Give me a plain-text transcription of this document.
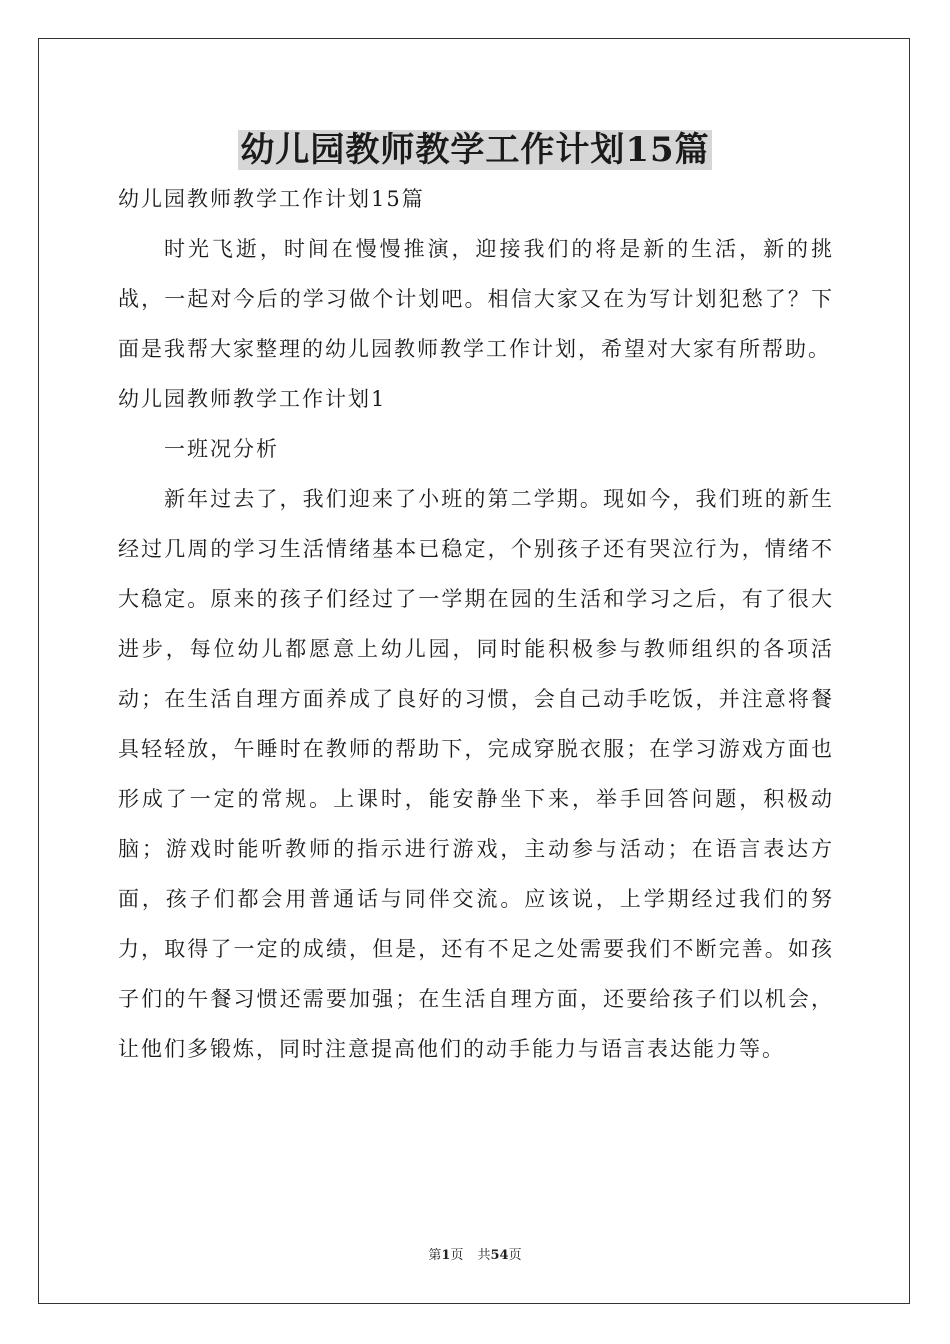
幼儿园教师教学工作计划15篇

幼儿园教师教学工作计划15篇

时光飞逝，时间在慢慢推演，迎接我们的将是新的生活，新的挑战，一起对今后的学习做个计划吧。相信大家又在为写计划犯愁了？下面是我帮大家整理的幼儿园教师教学工作计划，希望对大家有所帮助。

幼儿园教师教学工作计划1

一班况分析

新年过去了，我们迎来了小班的第二学期。现如今，我们班的新生经过几周的学习生活情绪基本已稳定，个别孩子还有哭泣行为，情绪不大稳定。原来的孩子们经过了一学期在园的生活和学习之后，有了很大进步，每位幼儿都愿意上幼儿园，同时能积极参与教师组织的各项活动；在生活自理方面养成了良好的习惯，会自己动手吃饭，并注意将餐具轻轻放，午睡时在教师的帮助下，完成穿脱衣服；在学习游戏方面也形成了一定的常规。上课时，能安静坐下来，举手回答问题，积极动脑；游戏时能听教师的指示进行游戏，主动参与活动；在语言表达方面，孩子们都会用普通话与同伴交流。应该说，上学期经过我们的努力，取得了一定的成绩，但是，还有不足之处需要我们不断完善。如孩子们的午餐习惯还需要加强；在生活自理方面，还要给孩子们以机会，让他们多锻炼，同时注意提高他们的动手能力与语言表达能力等。

第1页 共54页
